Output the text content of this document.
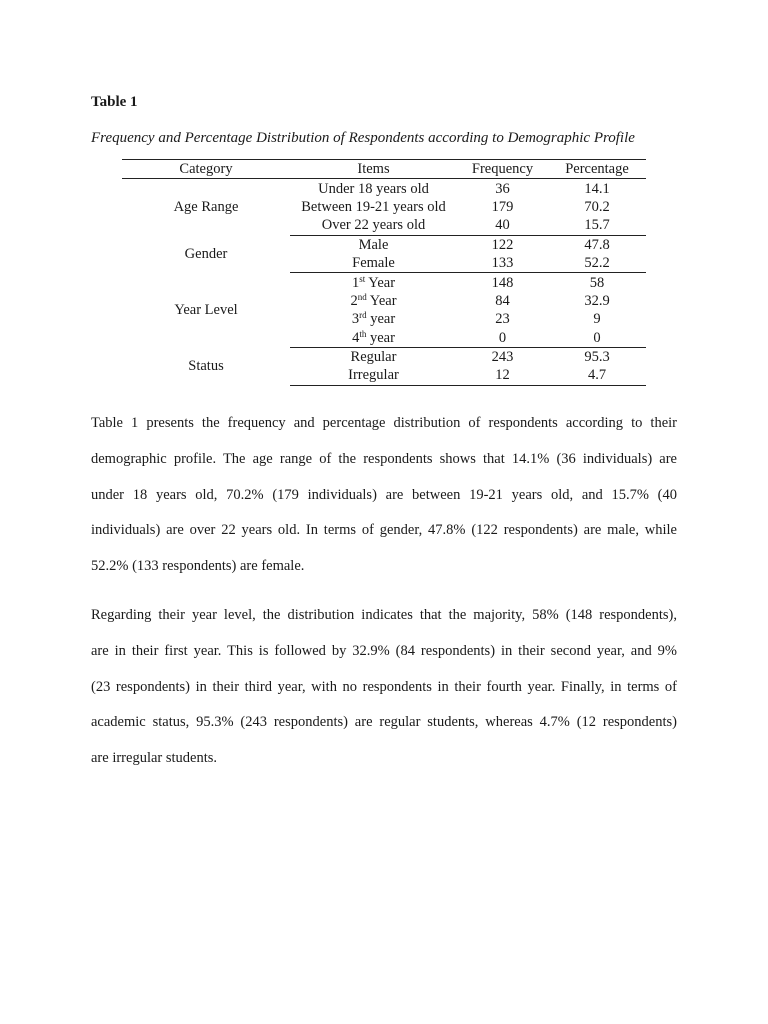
Table 1
Frequency and Percentage Distribution of Respondents according to Demographic Profile
Category	Items	Frequency	Percentage
Age Range	Under 18 years old	36	14.1
	Between 19-21 years old	179	70.2
	Over 22 years old	40	15.7
Gender	Male	122	47.8
	Female	133	52.2
Year Level	1st Year	148	58
	2nd Year	84	32.9
	3rd year	23	9
	4th year	0	0
Status	Regular	243	95.3
	Irregular	12	4.7
Table 1 presents the frequency and percentage distribution of respondents according to their
demographic profile. The age range of the respondents shows that 14.1% (36 individuals) are
under 18 years old, 70.2% (179 individuals) are between 19-21 years old, and 15.7% (40
individuals) are over 22 years old. In terms of gender, 47.8% (122 respondents) are male, while
52.2% (133 respondents) are female.
Regarding their year level, the distribution indicates that the majority, 58% (148 respondents),
are in their first year. This is followed by 32.9% (84 respondents) in their second year, and 9%
(23 respondents) in their third year, with no respondents in their fourth year. Finally, in terms of
academic status, 95.3% (243 respondents) are regular students, whereas 4.7% (12 respondents)
are irregular students.
